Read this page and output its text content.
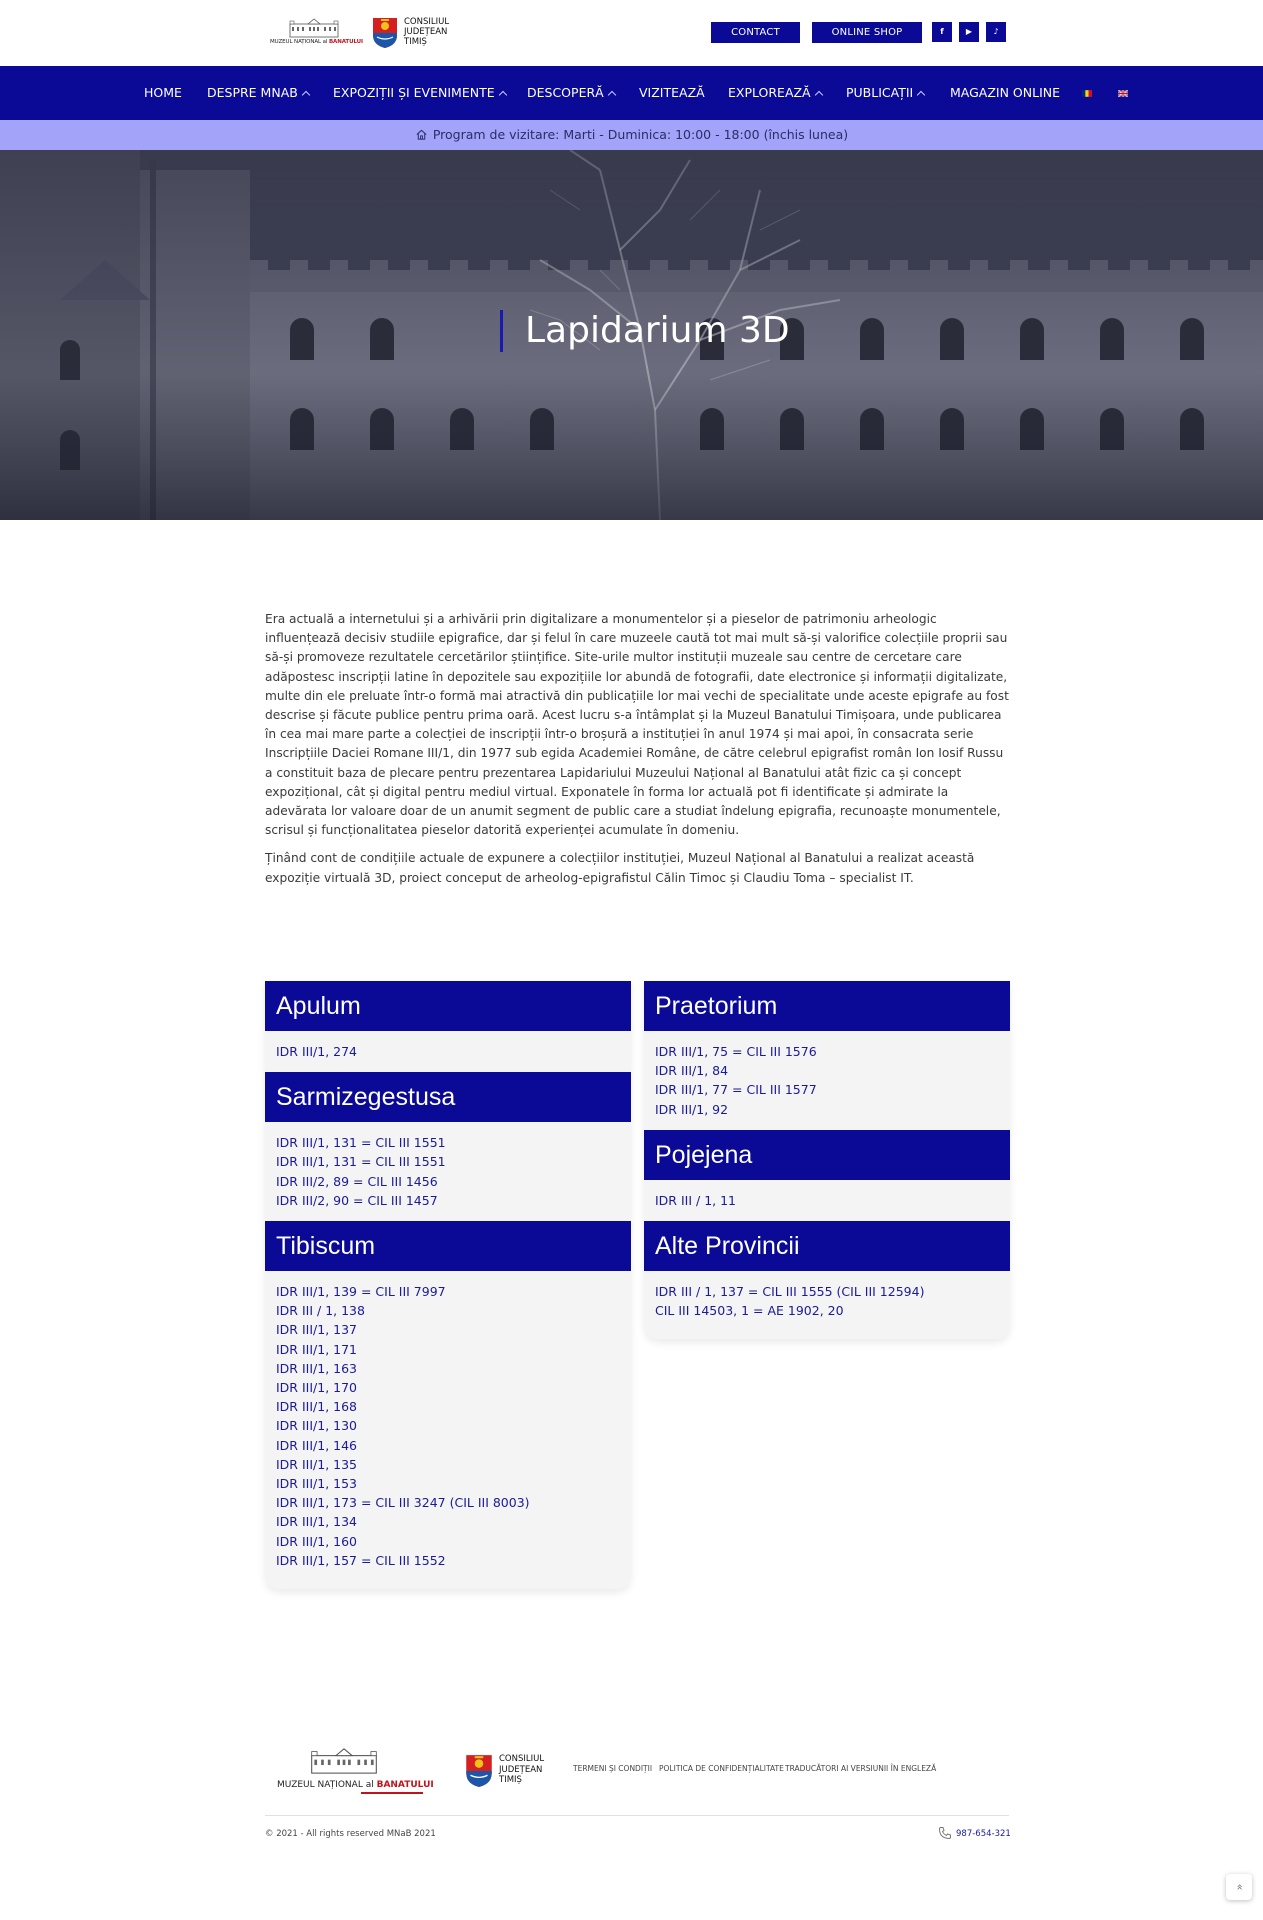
MUZEUL NAȚIONAL al BANATULUI
CONSILIUL JUDEȚEAN TIMIȘ
CONTACT	ONLINE SHOP	f	▶	♪
HOME DESPRE MNAB	EXPOZIȚII ȘI EVENIMENTE	DESCOPERĂ	VIZITEAZĂ EXPLOREAZĂ	PUBLICAȚII	MAGAZIN ONLINE
Program de vizitare: Marti - Duminica: 10:00 - 18:00 (închis lunea)
Lapidarium 3D

Era actuală a internetului și a arhivării prin digitalizare a monumentelor și a pieselor de patrimoniu arheologic influențează decisiv studiile epigrafice, dar și felul în care muzeele caută tot mai mult să-și valorifice colecțiile proprii sau să-și promoveze rezultatele cercetărilor științifice. Site-urile multor instituții muzeale sau centre de cercetare care adăpostesc inscripții latine în depozitele sau expozițiile lor abundă de fotografii, date electronice și informații digitalizate, multe din ele preluate într-o formă mai atractivă din publicațiile lor mai vechi de specialitate unde aceste epigrafe au fost descrise și făcute publice pentru prima oară. Acest lucru s-a întâmplat și la Muzeul Banatului Timișoara, unde publicarea în cea mai mare parte a colecției de inscripții într-o broșură a instituției în anul 1974 și mai apoi, în consacrata serie Inscripțiile Daciei Romane III/1, din 1977 sub egida Academiei Române, de către celebrul epigrafist român Ion Iosif Russu a constituit baza de plecare pentru prezentarea Lapidariului Muzeului Național al Banatului atât fizic ca și concept expozițional, cât și digital pentru mediul virtual. Exponatele în forma lor actuală pot fi identificate și admirate la adevărata lor valoare doar de un anumit segment de public care a studiat îndelung epigrafia, recunoaște monumentele, scrisul și funcționalitatea pieselor datorită experienței acumulate în domeniu.

Ținând cont de condițiile actuale de expunere a colecțiilor instituției, Muzeul Național al Banatului a realizat această expoziție virtuală 3D, proiect conceput de arheolog-epigrafistul Călin Timoc și Claudiu Toma – specialist IT.

Apulum
IDR III/1, 274
Sarmizegestusa
IDR III/1, 131 = CIL III 1551
IDR III/1, 131 = CIL III 1551
IDR III/2, 89 = CIL III 1456
IDR III/2, 90 = CIL III 1457
Tibiscum
IDR III/1, 139 = CIL III 7997
IDR III / 1, 138
IDR III/1, 137
IDR III/1, 171
IDR III/1, 163
IDR III/1, 170
IDR III/1, 168
IDR III/1, 130
IDR III/1, 146
IDR III/1, 135
IDR III/1, 153
IDR III/1, 173 = CIL III 3247 (CIL III 8003)
IDR III/1, 134
IDR III/1, 160
IDR III/1, 157 = CIL III 1552
Praetorium
IDR III/1, 75 = CIL III 1576
IDR III/1, 84
IDR III/1, 77 = CIL III 1577
IDR III/1, 92
Pojejena
IDR III / 1, 11
Alte Provincii
IDR III / 1, 137 = CIL III 1555 (CIL III 12594)
CIL III 14503, 1 = AE 1902, 20
MUZEUL NAȚIONAL al BANATULUI
CONSILIUL JUDEȚEAN TIMIȘ
TERMENI ȘI CONDIȚII POLITICA DE CONFIDENȚIALITATE TRADUCĂTORI AI VERSIUNII ÎN ENGLEZĂ
© 2021 - All rights reserved MNaB 2021	987-654-321
«
